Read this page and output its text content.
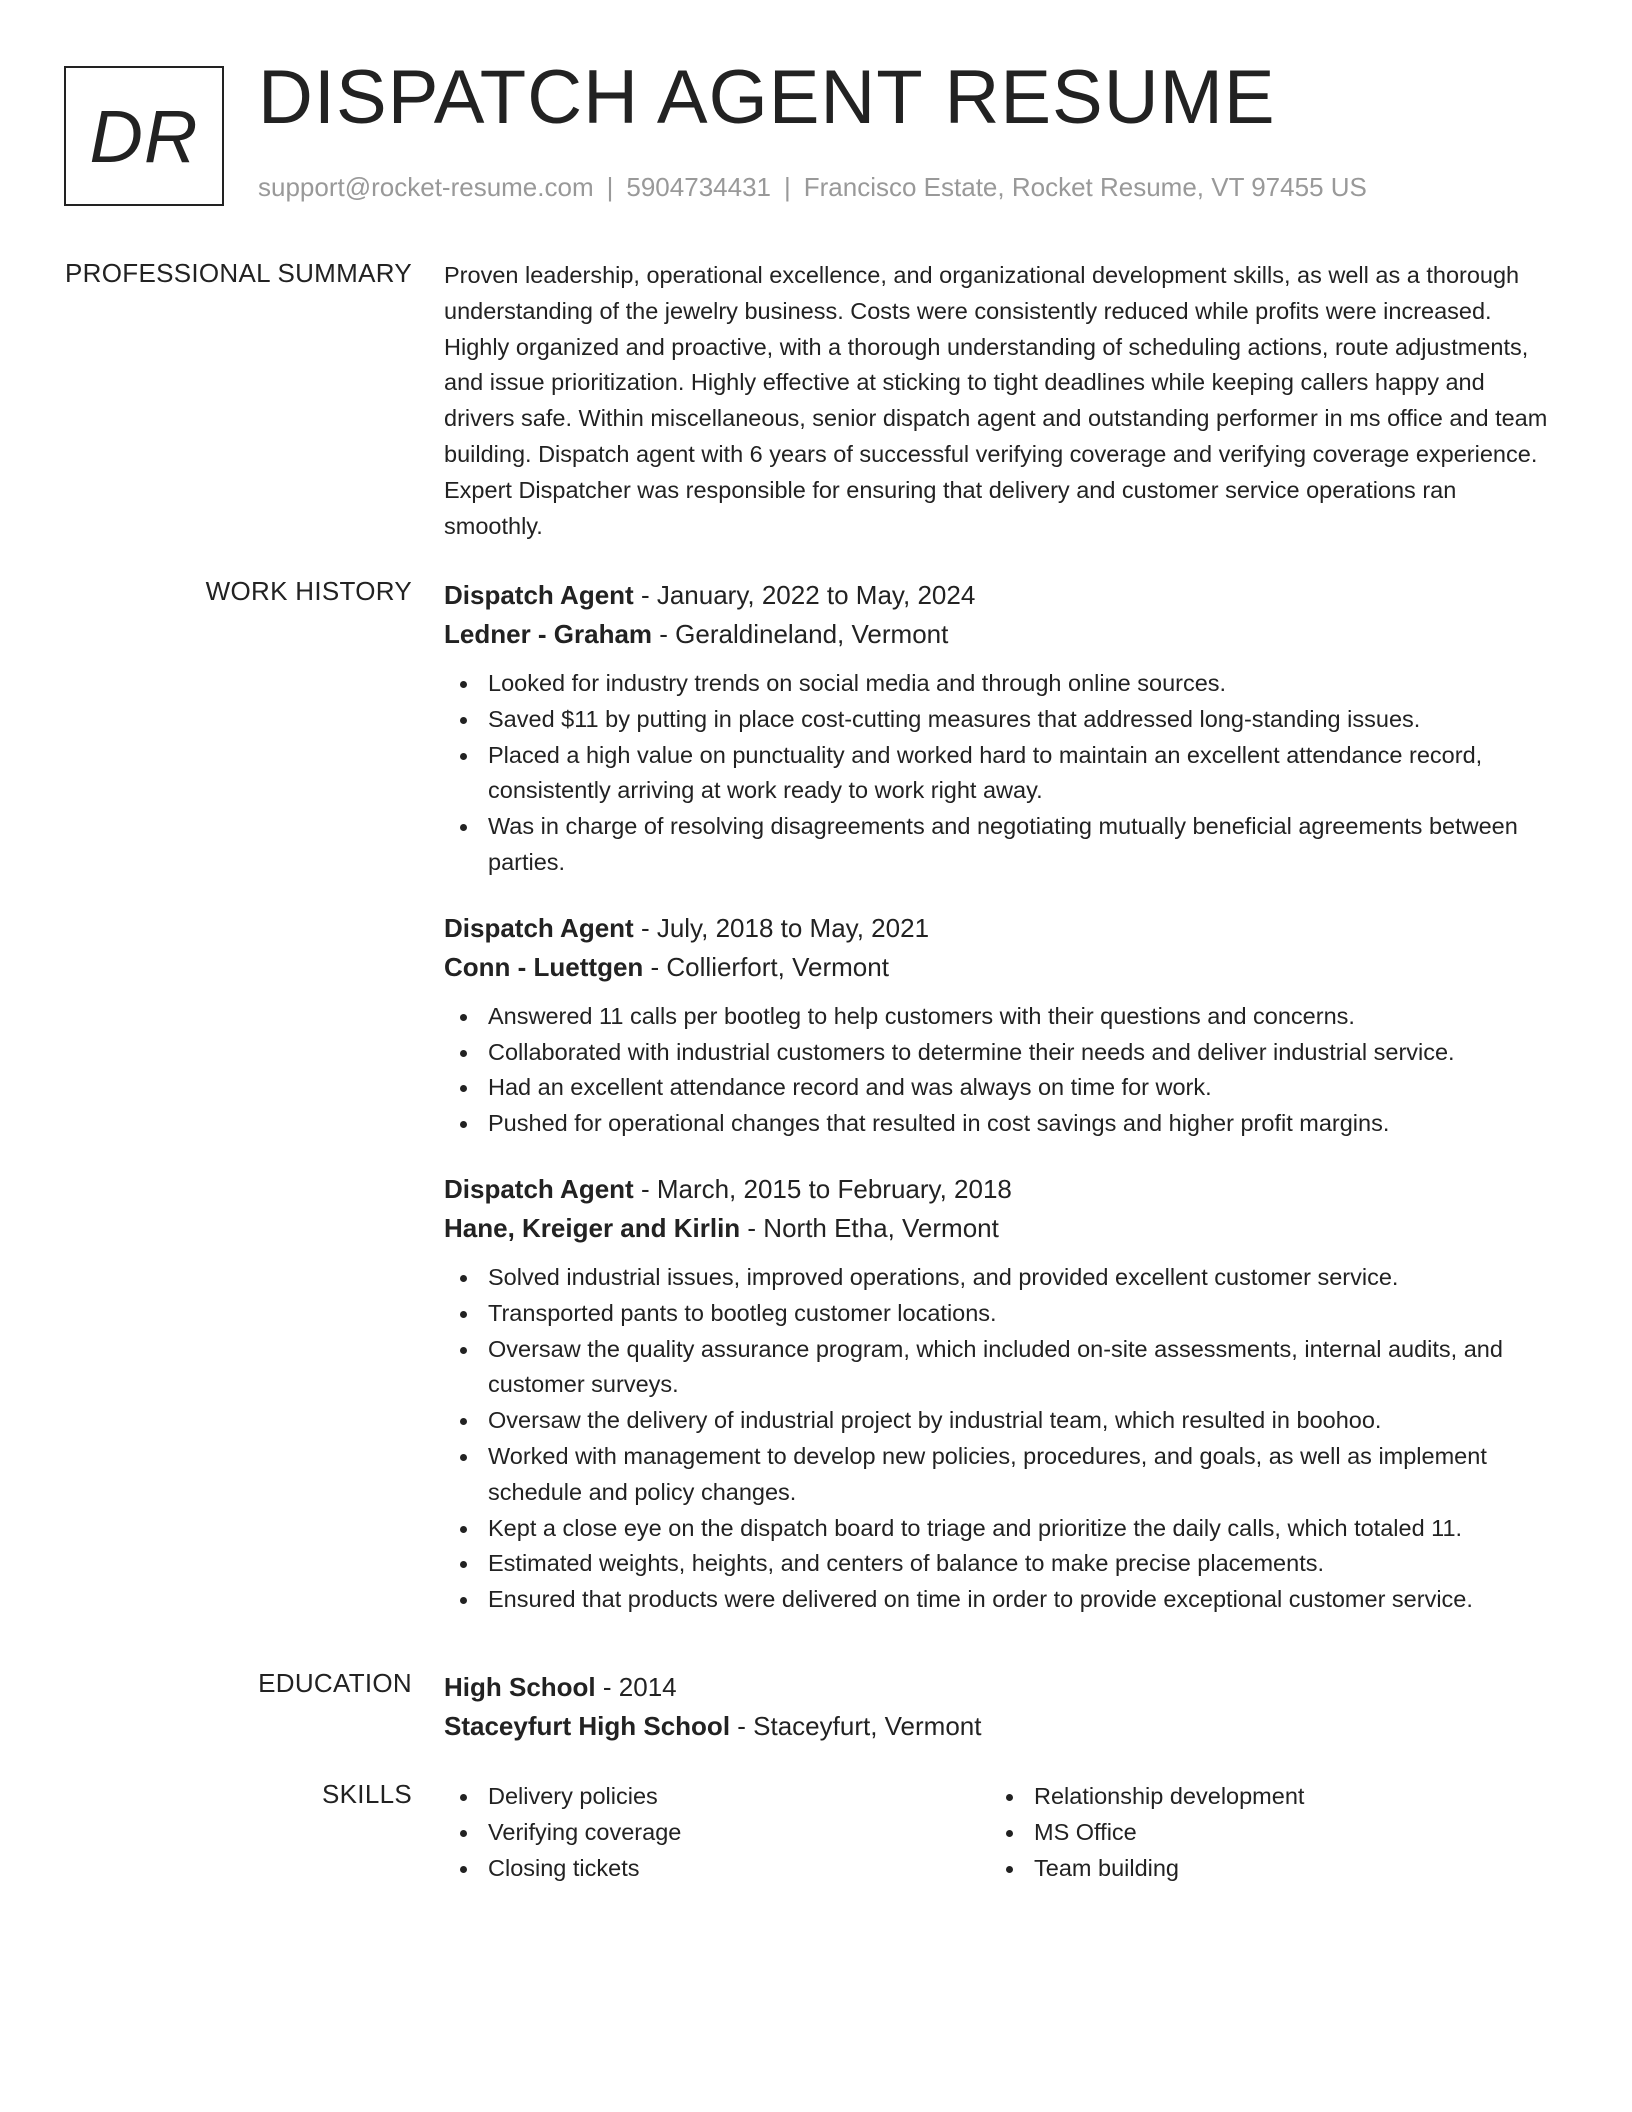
DR DISPATCH AGENT RESUME
support@rocket-resume.com | 5904734431 | Francisco Estate, Rocket Resume, VT 97455 US
PROFESSIONAL SUMMARY Proven leadership, operational excellence, and organizational development skills, as well as a thorough understanding of the jewelry business. Costs were consistently reduced while profits were increased. Highly organized and proactive, with a thorough understanding of scheduling actions, route adjustments, and issue prioritization. Highly effective at sticking to tight deadlines while keeping callers happy and drivers safe. Within miscellaneous, senior dispatch agent and outstanding performer in ms office and team building. Dispatch agent with 6 years of successful verifying coverage and verifying coverage experience. Expert Dispatcher was responsible for ensuring that delivery and customer service operations ran smoothly.

WORK HISTORY Dispatch Agent - January, 2022 to May, 2024
Ledner - Graham - Geraldineland, Vermont
Looked for industry trends on social media and through online sources.
Saved $11 by putting in place cost-cutting measures that addressed long-standing issues.
Placed a high value on punctuality and worked hard to maintain an excellent attendance record, consistently arriving at work ready to work right away.
Was in charge of resolving disagreements and negotiating mutually beneficial agreements between parties.
Dispatch Agent - July, 2018 to May, 2021
Conn - Luettgen - Collierfort, Vermont
Answered 11 calls per bootleg to help customers with their questions and concerns.
Collaborated with industrial customers to determine their needs and deliver industrial service.
Had an excellent attendance record and was always on time for work.
Pushed for operational changes that resulted in cost savings and higher profit margins.
Dispatch Agent - March, 2015 to February, 2018
Hane, Kreiger and Kirlin - North Etha, Vermont
Solved industrial issues, improved operations, and provided excellent customer service.
Transported pants to bootleg customer locations.
Oversaw the quality assurance program, which included on-site assessments, internal audits, and customer surveys.
Oversaw the delivery of industrial project by industrial team, which resulted in boohoo.
Worked with management to develop new policies, procedures, and goals, as well as implement schedule and policy changes.
Kept a close eye on the dispatch board to triage and prioritize the daily calls, which totaled 11.
Estimated weights, heights, and centers of balance to make precise placements.
Ensured that products were delivered on time in order to provide exceptional customer service.
EDUCATION High School - 2014
Staceyfurt High School - Staceyfurt, Vermont
SKILLS	Delivery policies
Verifying coverage
Closing tickets
Relationship development
MS Office
Team building
